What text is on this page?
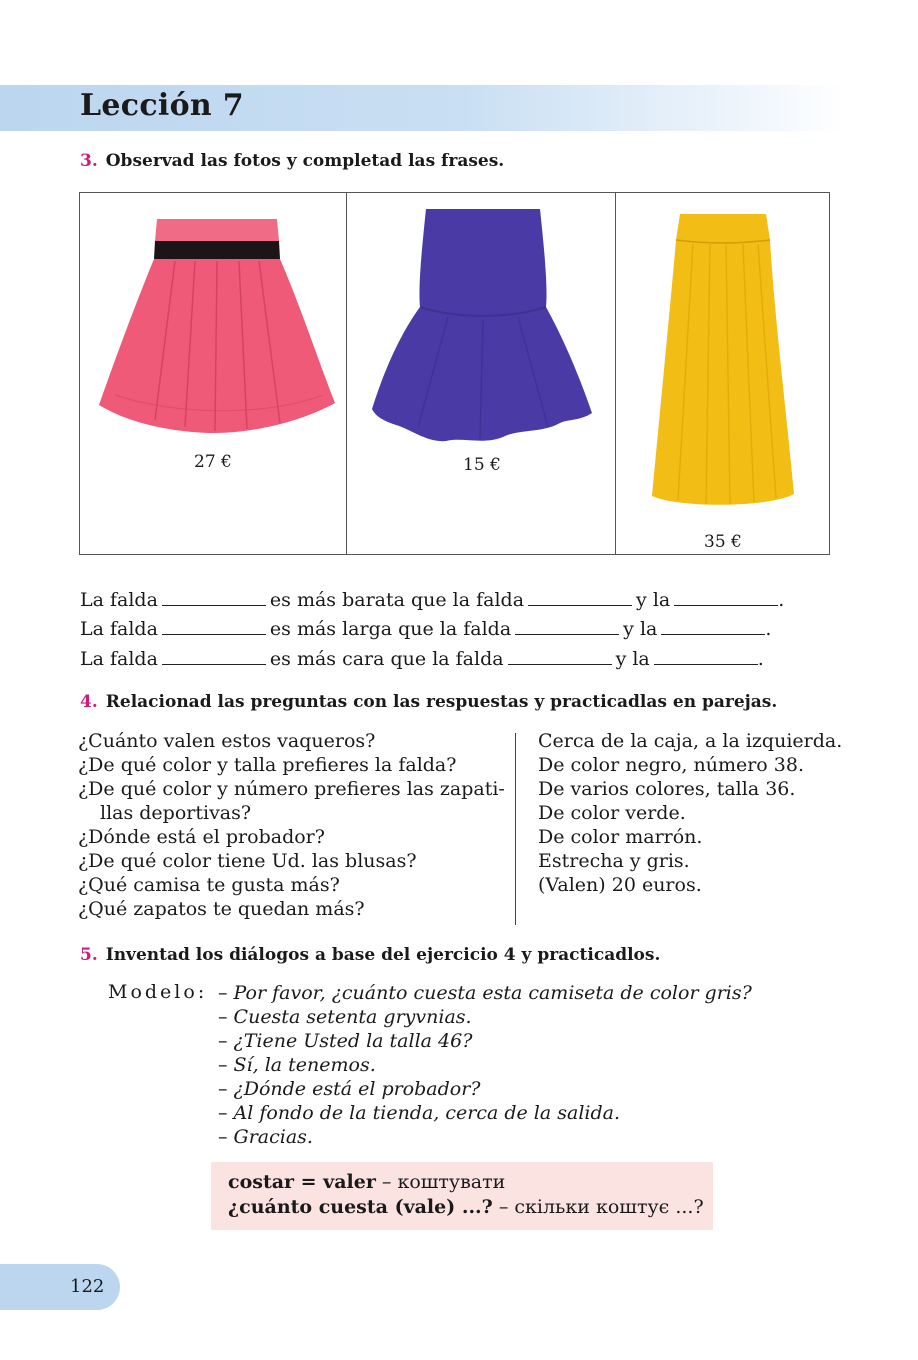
Lección 7
3. Observad las fotos y completad las frases.
27 €	15 €
35 €
La falda	es más barata que la falda	y la	.
La falda	es más larga que la falda	y la	.
La falda	es más cara que la falda	y la	.
4. Relacionad las preguntas con las respuestas y practicadlas en parejas.
¿Cuánto valen estos vaqueros?
¿De qué color y talla prefieres la falda?
¿De qué color y número prefieres las zapati-
llas deportivas?
¿Dónde está el probador?
¿De qué color tiene Ud. las blusas?
¿Qué camisa te gusta más?
¿Qué zapatos te quedan más?
Cerca de la caja, a la izquierda.
De color negro, número 38.
De varios colores, talla 36.
De color verde.
De color marrón.
Estrecha y gris.
(Valen) 20 euros.
5. Inventad los diálogos a base del ejercicio 4 y practicadlos.
Modelo: – Por favor, ¿cuánto cuesta esta camiseta de color gris?
– Cuesta setenta gryvnias.
– ¿Tiene Usted la talla 46?
– Sí, la tenemos.
– ¿Dónde está el probador?
– Al fondo de la tienda, cerca de la salida.
– Gracias.
costar = valer – коштувати
¿cuánto cuesta (vale) ...? – скільки коштує ...?
122
